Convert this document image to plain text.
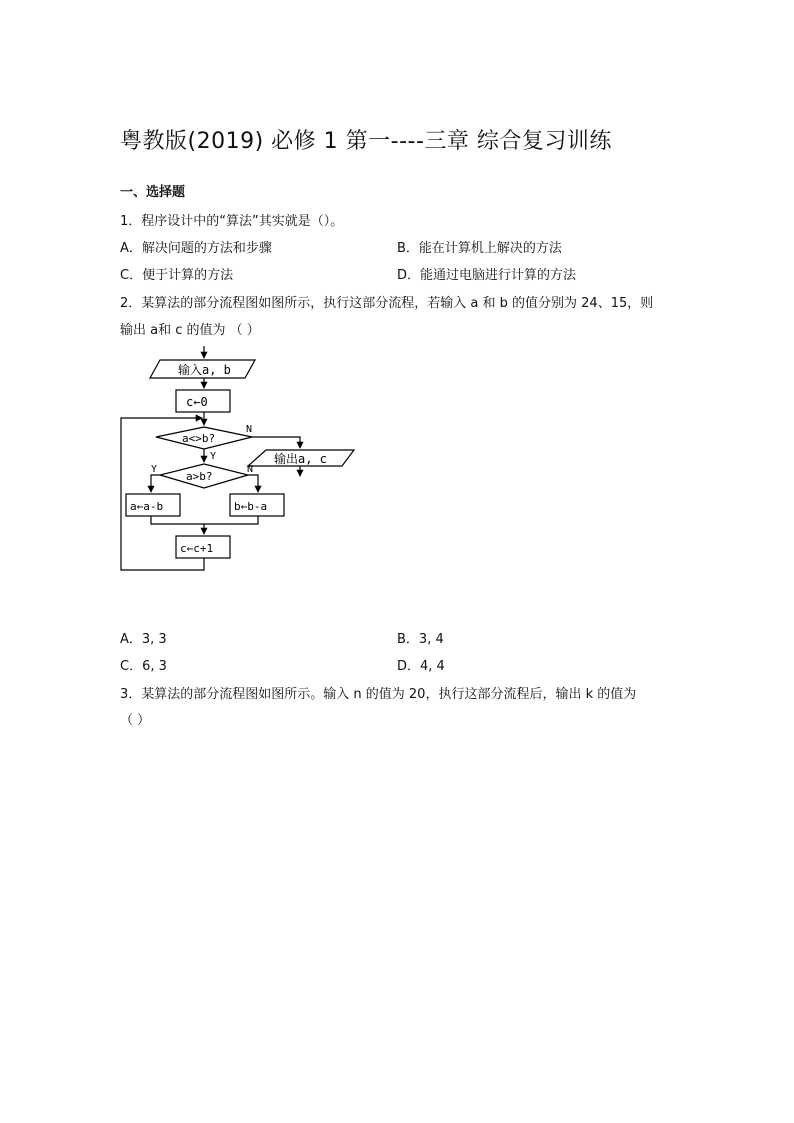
粤教版(2019) 必修 1 第一----三章 综合复习训练
一、选择题
1．程序设计中的“算法”其实就是（）。
A．解决问题的方法和步骤	B．能在计算机上解决的方法
C．便于计算的方法	D．能通过电脑进行计算的方法
2．某算法的部分流程图如图所示，执行这部分流程，若输入 a 和 b 的值分别为 24、15，则
输出 a和 c 的值为 （ ）
输入a, b
c←0
a<>b?
N
Y	输出a, c
a>b?
Y	N
a←a-b	b←b-a
c←c+1
A．3, 3	B．3, 4
C．6, 3	D．4, 4
3．某算法的部分流程图如图所示。输入 n 的值为 20，执行这部分流程后，输出 k 的值为
（ ）
